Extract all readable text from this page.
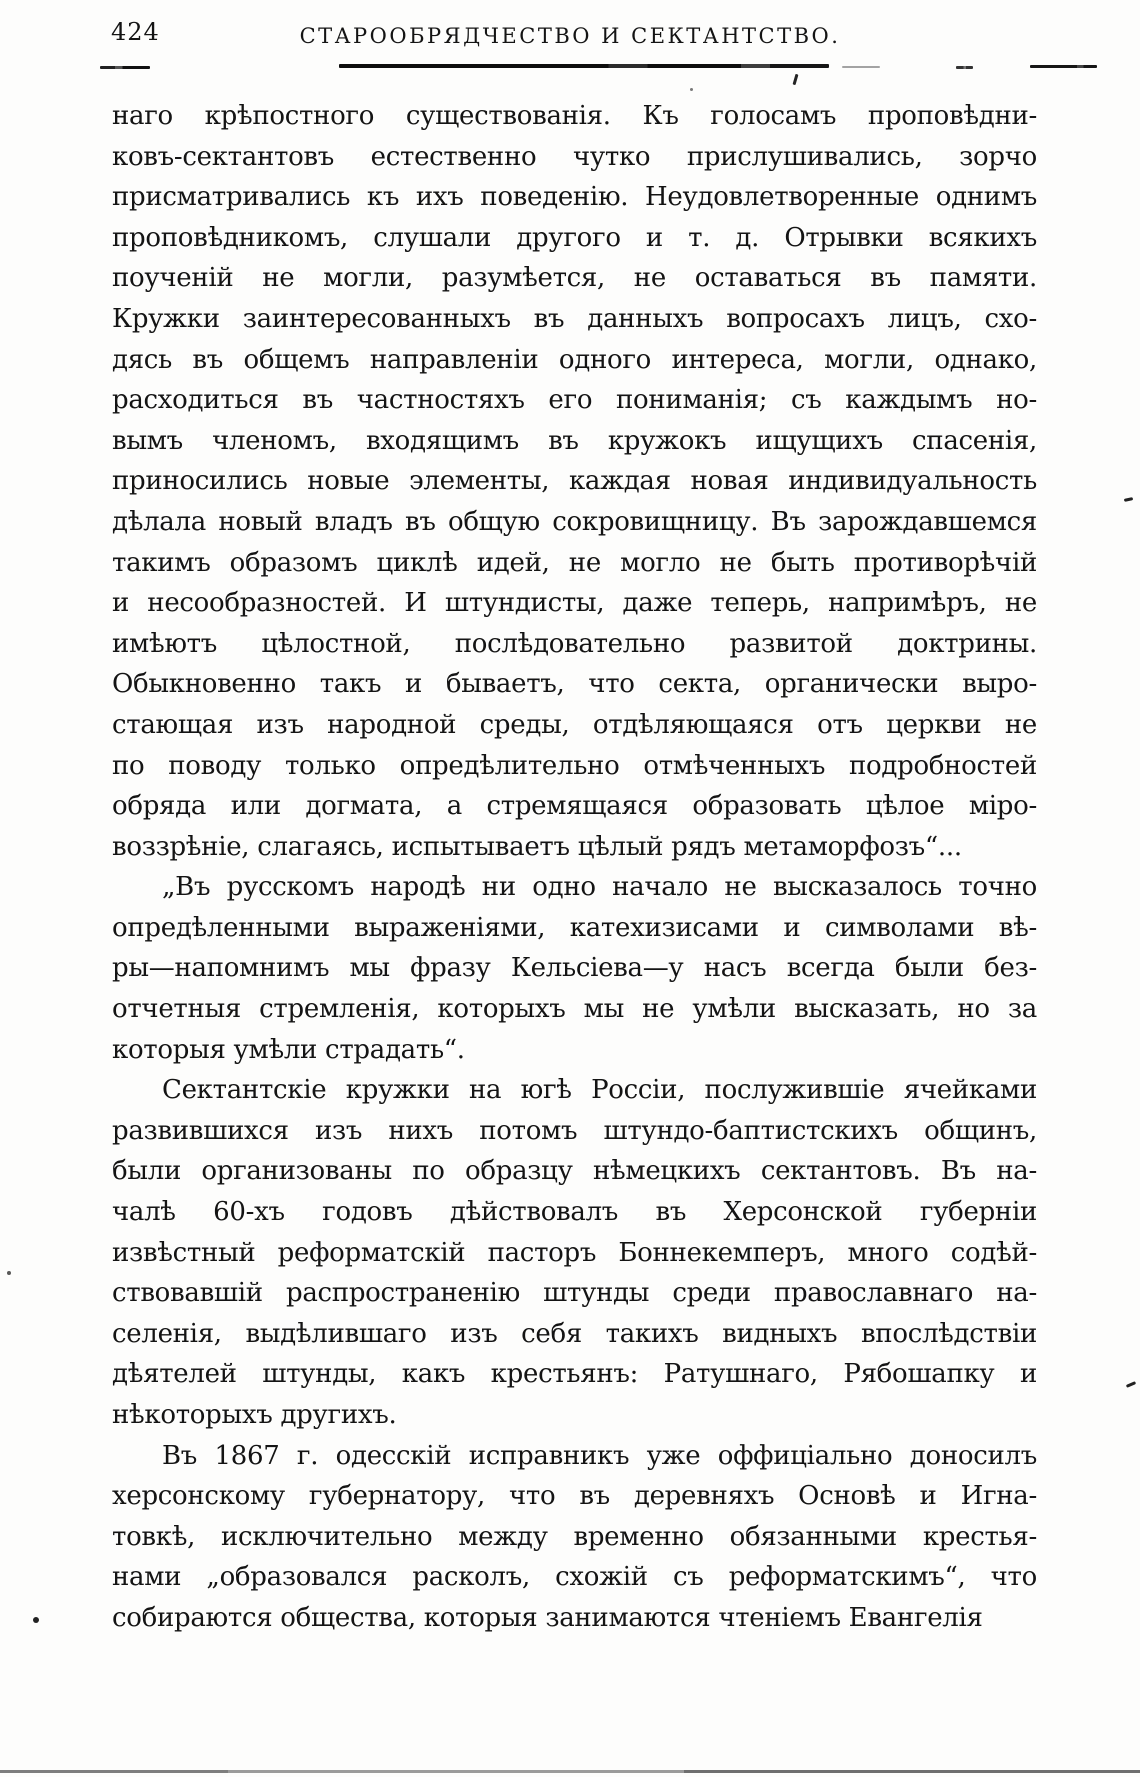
424	СТАРООБРЯДЧЕСТВО И СЕКТАНТСТВО.
наго крѣпостного существованія. Къ голосамъ проповѣдни-
ковъ-сектантовъ естественно чутко прислушивались, зорчо
присматривались къ ихъ поведенію. Неудовлетворенные однимъ
проповѣдникомъ, слушали другого и т. д. Отрывки всякихъ
поученій не могли, разумѣется, не оставаться въ памяти.
Кружки заинтересованныхъ въ данныхъ вопросахъ лицъ, схо-
дясь въ общемъ направленіи одного интереса, могли, однако,
расходиться въ частностяхъ его пониманія; съ каждымъ но-
вымъ членомъ, входящимъ въ кружокъ ищущихъ спасенія,
приносились новые элементы, каждая новая индивидуальность
дѣлала новый владъ въ общую сокровищницу. Въ зарождавшемся
такимъ образомъ циклѣ идей, не могло не быть противорѣчій
и несообразностей. И штундисты, даже теперь, напримѣръ, не
имѣютъ цѣлостной, послѣдовательно развитой доктрины.
Обыкновенно такъ и бываетъ, что секта, органически выро-
стающая изъ народной среды, отдѣляющаяся отъ церкви не
по поводу только опредѣлительно отмѣченныхъ подробностей
обряда или догмата, а стремящаяся образовать цѣлое міро-
воззрѣніе, слагаясь, испытываетъ цѣлый рядъ метаморфозъ“...
„Въ русскомъ народѣ ни одно начало не высказалось точно
опредѣленными выраженіями, катехизисами и символами вѣ-
ры—напомнимъ мы фразу Кельсіева—у насъ всегда были без-
отчетныя стремленія, которыхъ мы не умѣли высказать, но за
которыя умѣли страдать“.
Сектантскіе кружки на югѣ Россіи, послужившіе ячейками
развившихся изъ нихъ потомъ штундо-баптистскихъ общинъ,
были организованы по образцу нѣмецкихъ сектантовъ. Въ на-
чалѣ 60-хъ годовъ дѣйствовалъ въ Херсонской губерніи
извѣстный реформатскій пасторъ Боннекемперъ, много содѣй-
ствовавшій распространенію штунды среди православнаго на-
селенія, выдѣлившаго изъ себя такихъ видныхъ впослѣдствіи
дѣятелей штунды, какъ крестьянъ: Ратушнаго, Рябошапку и
нѣкоторыхъ другихъ.
Въ 1867 г. одесскій исправникъ уже оффиціально доносилъ
херсонскому губернатору, что въ деревняхъ Основѣ и Игна-
товкѣ, исключительно между временно обязанными крестья-
нами „образовался расколъ, схожій съ реформатскимъ“, что
собираются общества, которыя занимаются чтеніемъ Евангелія
